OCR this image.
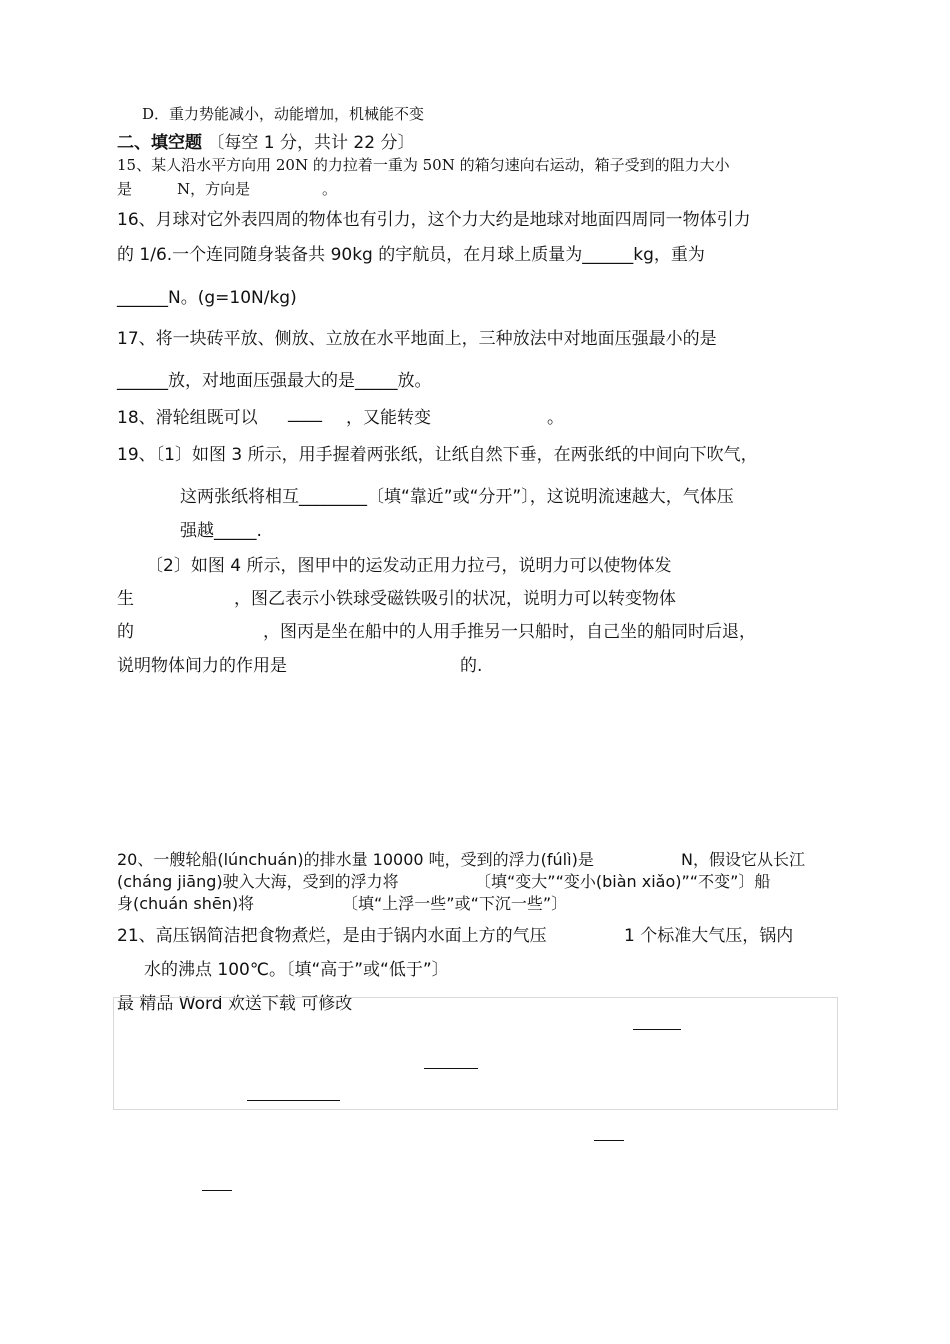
D．重力势能减小，动能增加，机械能不变
二、填空题 〔每空 1 分，共计 22 分〕
15、某人沿水平方向用 20N 的力拉着一重为 50N 的箱匀速向右运动，箱子受到的阻力大小
是	N，方向是	。
16、月球对它外表四周的物体也有引力，这个力大约是地球对地面四周同一物体引力
的 1/6.一个连同随身装备共 90kg 的宇航员，在月球上质量为______kg，重为
______N。(g=10N/kg)
17、将一块砖平放、侧放、立放在水平地面上，三种放法中对地面压强最小的是
______放，对地面压强最大的是_____放。
18、滑轮组既可以 ____ ，又能转变	。
19、〔1〕如图 3 所示，用手握着两张纸，让纸自然下垂，在两张纸的中间向下吹气，
这两张纸将相互________〔填“靠近”或“分开”〕，这说明流速越大，气体压
强越_____.
〔2〕如图 4 所示，图甲中的运发动正用力拉弓，说明力可以使物体发
生	，图乙表示小铁球受磁铁吸引的状况，说明力可以转变物体
的	，图丙是坐在船中的人用手推另一只船时，自己坐的船同时后退，
说明物体间力的作用是	的.
20、一艘轮船(lúnchuán)的排水量 10000 吨，受到的浮力(fúlì)是	N，假设它从长江
(cháng jiāng)驶入大海，受到的浮力将	〔填“变大”“变小(biàn xiǎo)”“不变”〕船
身(chuán shēn)将	〔填“上浮一些”或“下沉一些”〕
21、高压锅简洁把食物煮烂，是由于锅内水面上方的气压	1 个标准大气压，锅内
水的沸点 100℃。〔填“高于”或“低于”〕
最 精品 Word 欢送下载 可修改
